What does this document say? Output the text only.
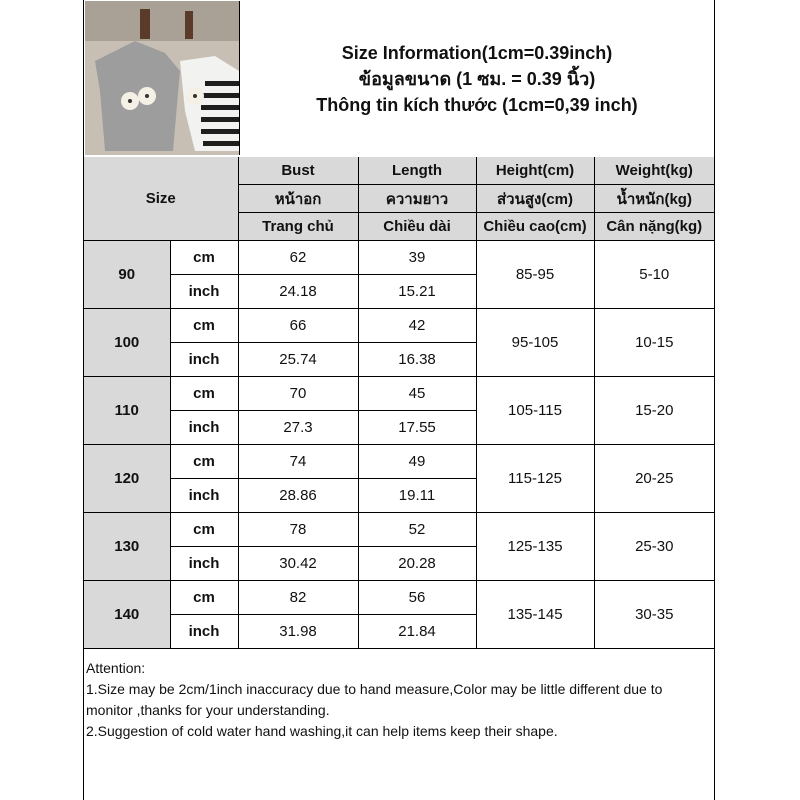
Size Information(1cm=0.39inch)
ข้อมูลขนาด (1 ซม. = 0.39 นิ้ว)
Thông tin kích thước (1cm=0,39 inch)
Size		Bust	Length	Height(cm)	Weight(kg)
		หน้าอก	ความยาว	ส่วนสูง(cm)	น้ำหนัก(kg)
		Trang chủ	Chiều dài	Chiều cao(cm)	Cân nặng(kg)
90	cm	62	39	85-95	5-10
	inch	24.18	15.21		
100	cm	66	42	95-105	10-15
	inch	25.74	16.38		
110	cm	70	45	105-115	15-20
	inch	27.3	17.55		
120	cm	74	49	115-125	20-25
	inch	28.86	19.11		
130	cm	78	52	125-135	25-30
	inch	30.42	20.28		
140	cm	82	56	135-145	30-35
	inch	31.98	21.84		
Attention:
1.Size may be 2cm/1inch inaccuracy due to hand measure,Color may be little different due to monitor ,thanks for your understanding.
2.Suggestion of cold water hand washing,it can help items keep their shape.
